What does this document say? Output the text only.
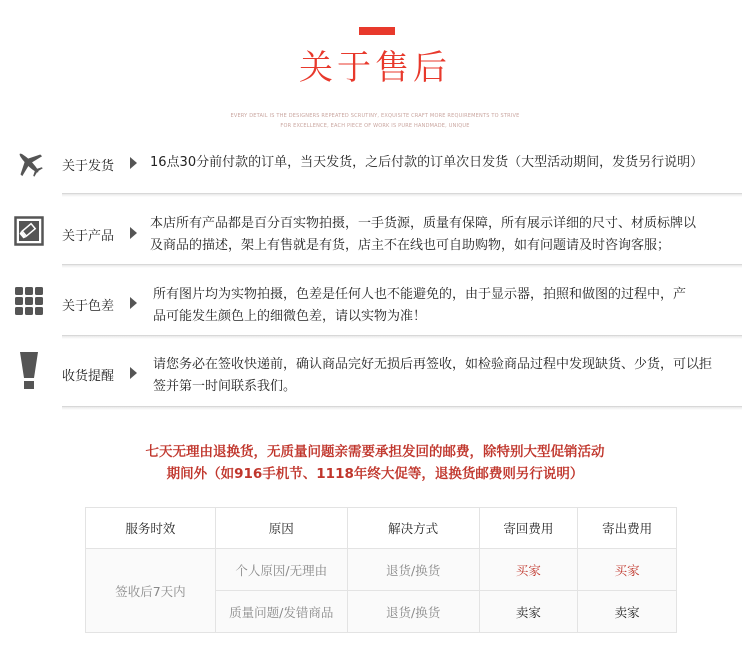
关于售后
EVERY DETAIL IS THE DESIGNERS REPEATED SCRUTINY, EXQUISITE CRAFT MORE REQUIREMENTS TO STRIVE
FOR EXCELLENCE, EACH PIECE OF WORK IS PURE HANDMADE, UNIQUE
关于发货	16点30分前付款的订单，当天发货，之后付款的订单次日发货（大型活动期间，发货另行说明）
关于产品
本店所有产品都是百分百实物拍摄，一手货源，质量有保障，所有展示详细的尺寸、材质标牌以及商品的描述，架上有售就是有货，店主不在线也可自助购物，如有问题请及时咨询客服；
关于色差
所有图片均为实物拍摄，色差是任何人也不能避免的，由于显示器，拍照和做图的过程中，产品可能发生颜色上的细微色差，请以实物为准！
收货提醒
请您务必在签收快递前，确认商品完好无损后再签收，如检验商品过程中发现缺货、少货，可以拒签并第一时间联系我们。
七天无理由退换货，无质量问题亲需要承担发回的邮费，除特别大型促销活动
期间外（如916手机节、1118年终大促等，退换货邮费则另行说明）
服务时效	原因	解决方式	寄回费用	寄出费用
签收后7天内	个人原因/无理由	退货/换货	买家	买家
	质量问题/发错商品	退货/换货	卖家	卖家
